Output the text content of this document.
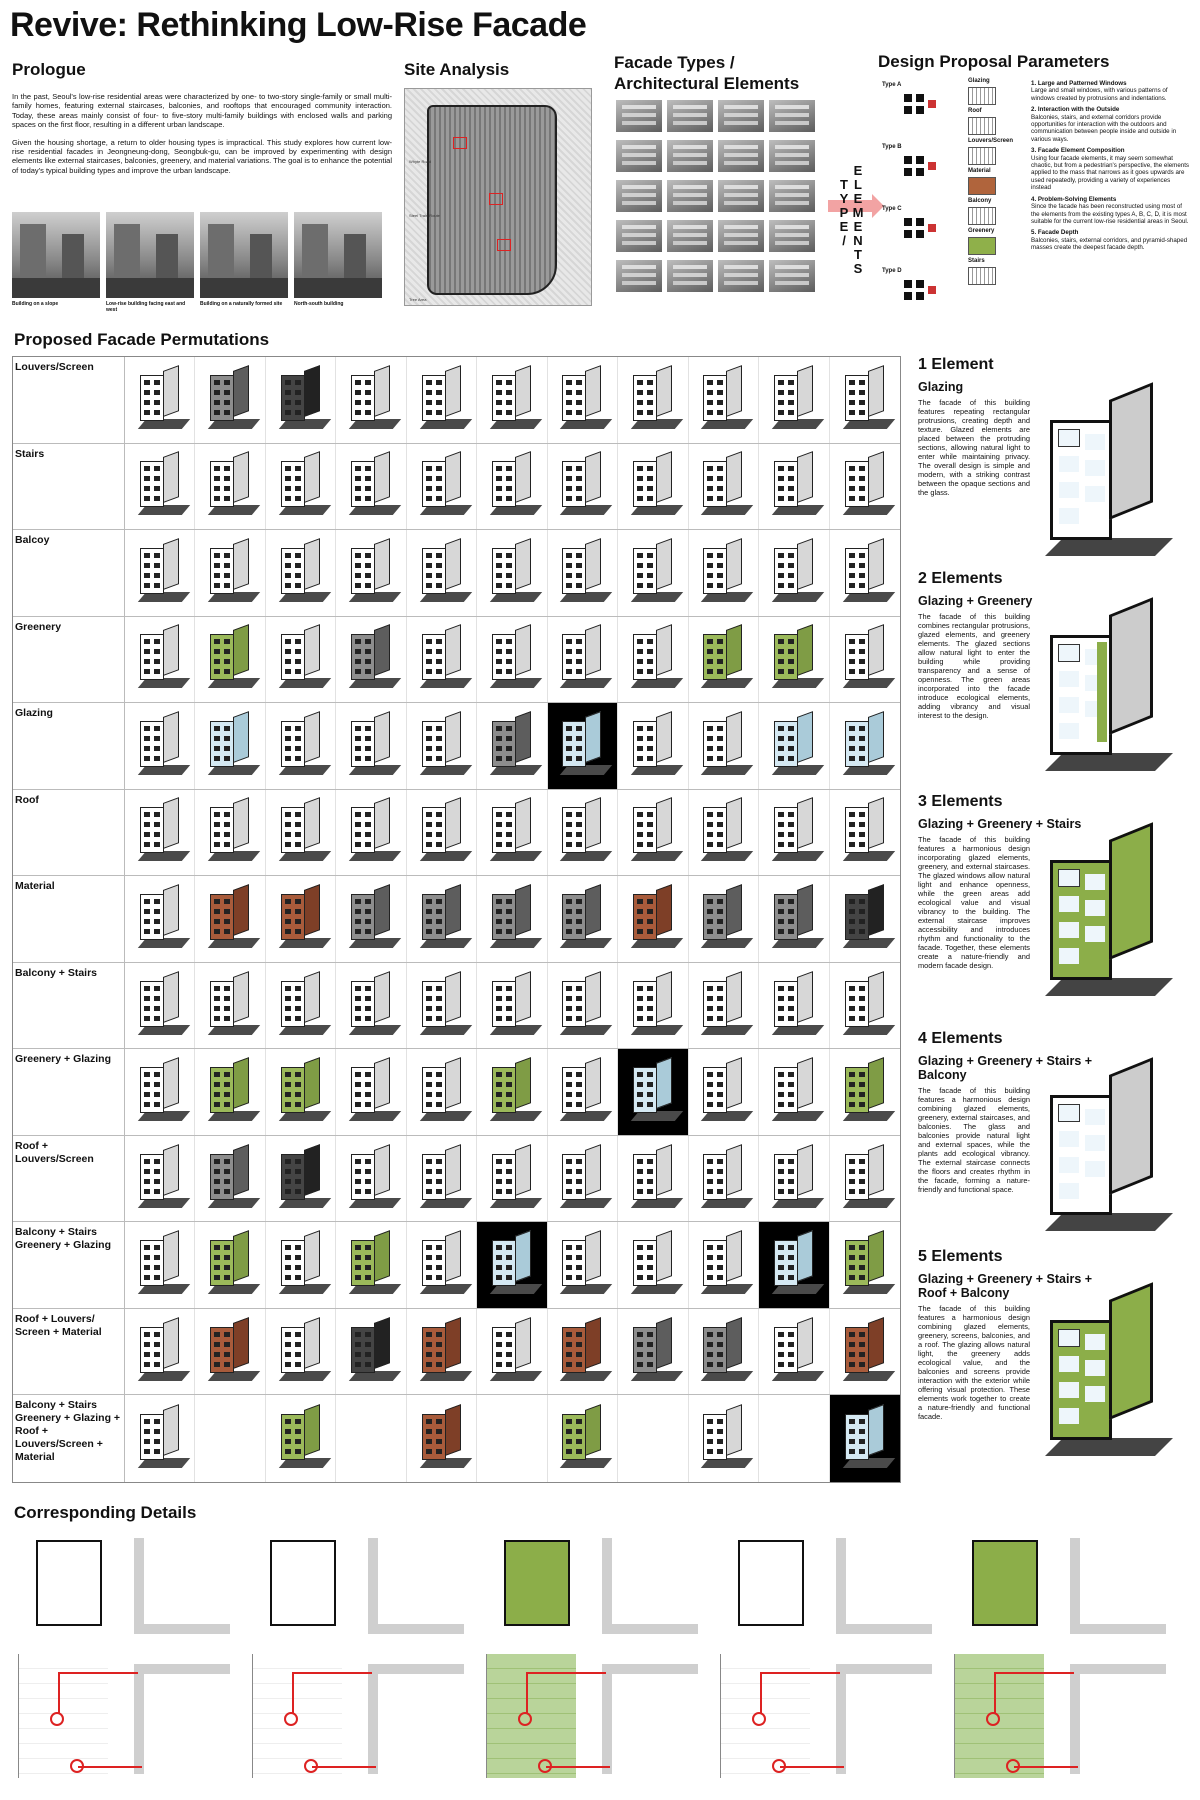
Revive: Rethinking Low-Rise Facade
Prologue

In the past, Seoul's low-rise residential areas were characterized by one- to two-story single-family or small multi-family homes, featuring external staircases, balconies, and rooftops that encouraged community interaction. Today, these areas mainly consist of four- to five-story multi-family buildings with enclosed walls and parking spaces on the first floor, resulting in a different urban landscape.

Given the housing shortage, a return to older housing types is impractical. This study explores how current low-rise residential facades in Jeongneung-dong, Seongbuk-gu, can be improved by experimenting with design elements like external staircases, balconies, greenery, and material variations. The goal is to enhance the potential of today's typical building types and improve the urban landscape.

Building on a slope	Low-rise building facing east and west
Building on a naturally formed site	North-south building
Site Analysis
Whyte Road
Steel Train Route
Tree Area
Facade Types /
Architectural Elements
TYPE
/
ELEMENTS
Design Proposal Parameters
Type A
Type B
Type C
Type D
Glazing
Roof
Louvers/Screen
Material
Balcony
Greenery
Stairs
1. Large and Patterned Windows
Large and small windows, with various patterns of windows created by protrusions and indentations.
2. Interaction with the Outside
Balconies, stairs, and external corridors provide opportunities for interaction with the outdoors and communication between people inside and outside in various ways.
3. Facade Element Composition
Using four facade elements, it may seem somewhat chaotic, but from a pedestrian's perspective, the elements applied to the mass that narrows as it goes upwards are used repeatedly, providing a variety of experiences instead
4. Problem-Solving Elements
Since the facade has been reconstructed using most of the elements from the existing types A, B, C, D, it is most suitable for the current low-rise residential areas in Seoul.
5. Facade Depth
Balconies, stairs, external corridors, and pyramid-shaped masses create the deepest facade depth.
Proposed Facade Permutations
Louvers/Screen
Stairs
Balcoy
Greenery
Glazing
Roof
Material
Balcony + Stairs
Greenery + Glazing
Roof + Louvers/Screen
Balcony + Stairs Greenery + Glazing
Roof + Louvers/ Screen + Material
Balcony + Stairs Greenery + Glazing + Roof + Louvers/Screen + Material
1 Element
Glazing
The facade of this building features repeating rectangular protrusions, creating depth and texture. Glazed elements are placed between the protruding sections, allowing natural light to enter while maintaining privacy. The overall design is simple and modern, with a striking contrast between the opaque sections and the glass.
2 Elements
Glazing + Greenery
The facade of this building combines rectangular protrusions, glazed elements, and greenery elements. The glazed sections allow natural light to enter the building while providing transparency and a sense of openness. The green areas incorporated into the facade introduce ecological elements, adding vibrancy and visual interest to the design.
3 Elements
Glazing + Greenery + Stairs
The facade of this building features a harmonious design incorporating glazed elements, greenery, and external staircases. The glazed windows allow natural light and enhance openness, while the green areas add ecological value and visual vibrancy to the building. The external staircase improves accessibility and introduces rhythm and functionality to the facade. Together, these elements create a nature-friendly and modern facade design.
4 Elements
Glazing + Greenery + Stairs + Balcony
The facade of this building features a harmonious design combining glazed elements, greenery, external staircases, and balconies. The glass and balconies provide natural light and external spaces, while the plants add ecological vibrancy. The external staircase connects the floors and creates rhythm in the facade, forming a nature-friendly and functional space.
5 Elements
Glazing + Greenery + Stairs + Roof + Balcony
The facade of this building features a harmonious design combining glazed elements, greenery, screens, balconies, and a roof. The glazing allows natural light, the greenery adds ecological value, and the balconies and screens provide interaction with the exterior while offering visual protection. These elements work together to create a nature-friendly and functional facade.
Corresponding Details
